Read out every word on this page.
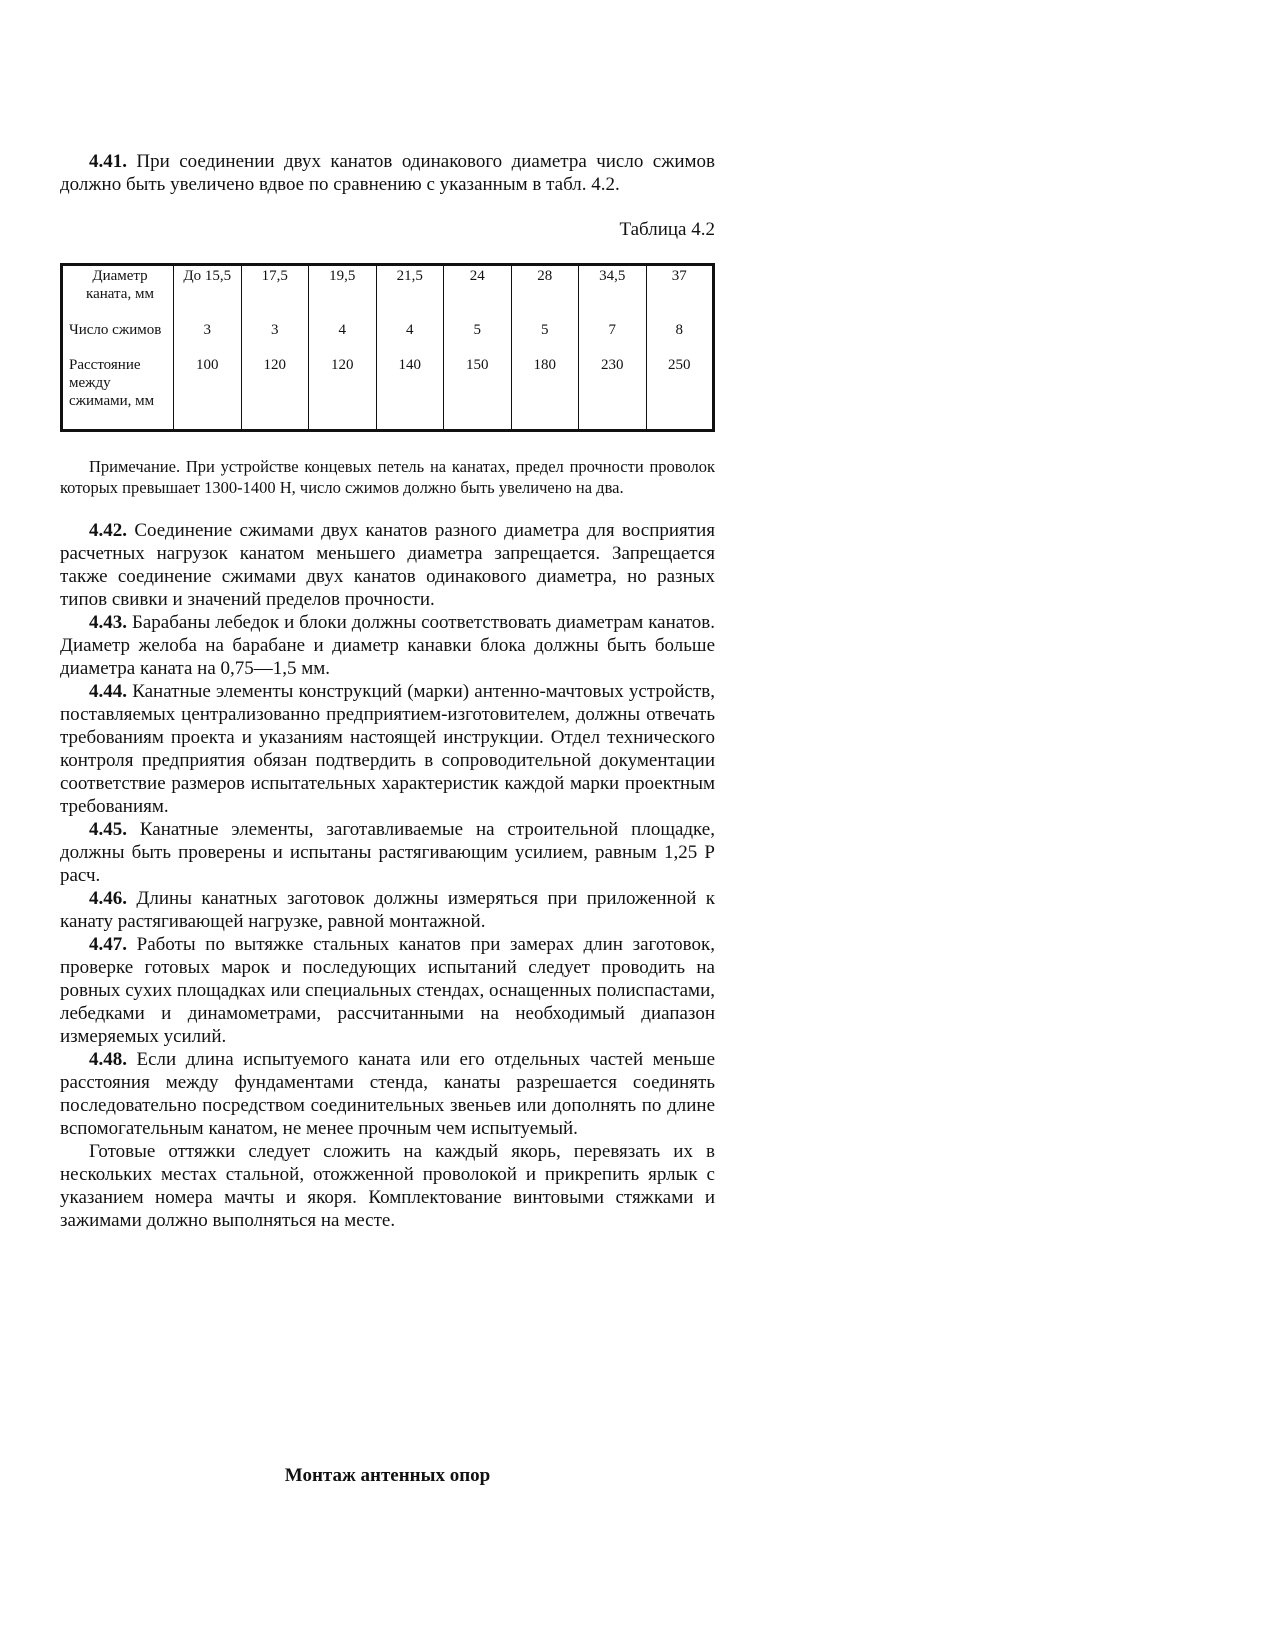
4.41. При соединении двух канатов одинакового диаметра число сжимов должно быть увеличено вдвое по сравнению с указанным в табл. 4.2.

Таблица 4.2

Диаметр каната, мм	До 15,5	17,5	19,5	21,5	24	28	34,5	37
Число сжимов	3	3	4	4	5	5	7	8
Расстояние между сжимами, мм	100	120	120	140	150	180	230	250

Примечание. При устройстве концевых петель на канатах, предел прочности проволок которых превышает 1300-1400 Н, число сжимов должно быть увеличено на два.

4.42. Соединение сжимами двух канатов разного диаметра для восприятия расчетных нагрузок канатом меньшего диаметра запрещается. Запрещается также соединение сжимами двух канатов одинакового диаметра, но разных типов свивки и значений пределов прочности.

4.43. Барабаны лебедок и блоки должны соответствовать диаметрам канатов. Диаметр желоба на барабане и диаметр канавки блока должны быть больше диаметра каната на 0,75—1,5 мм.

4.44. Канатные элементы конструкций (марки) антенно-мачтовых устройств, поставляемых централизованно предприятием-изготовителем, должны отвечать требованиям проекта и указаниям настоящей инструкции. Отдел технического контроля предприятия обязан подтвердить в сопроводительной документации соответствие размеров испытательных характеристик каждой марки проектным требованиям.

4.45. Канатные элементы, заготавливаемые на строительной площадке, должны быть проверены и испытаны растягивающим усилием, равным 1,25 Р расч.

4.46. Длины канатных заготовок должны измеряться при приложенной к канату растягивающей нагрузке, равной монтажной.

4.47. Работы по вытяжке стальных канатов при замерах длин заготовок, проверке готовых марок и последующих испытаний следует проводить на ровных сухих площадках или специальных стендах, оснащенных полиспастами, лебедками и динамометрами, рассчитанными на необходимый диапазон измеряемых усилий.

4.48. Если длина испытуемого каната или его отдельных частей меньше расстояния между фундаментами стенда, канаты разрешается соединять последовательно посредством соединительных звеньев или дополнять по длине вспомогательным канатом, не менее прочным чем испытуемый.

Готовые оттяжки следует сложить на каждый якорь, перевязать их в нескольких местах стальной, отожженной проволокой и прикрепить ярлык с указанием номера мачты и якоря. Комплектование винтовыми стяжками и зажимами должно выполняться на месте.

Монтаж антенных опор
